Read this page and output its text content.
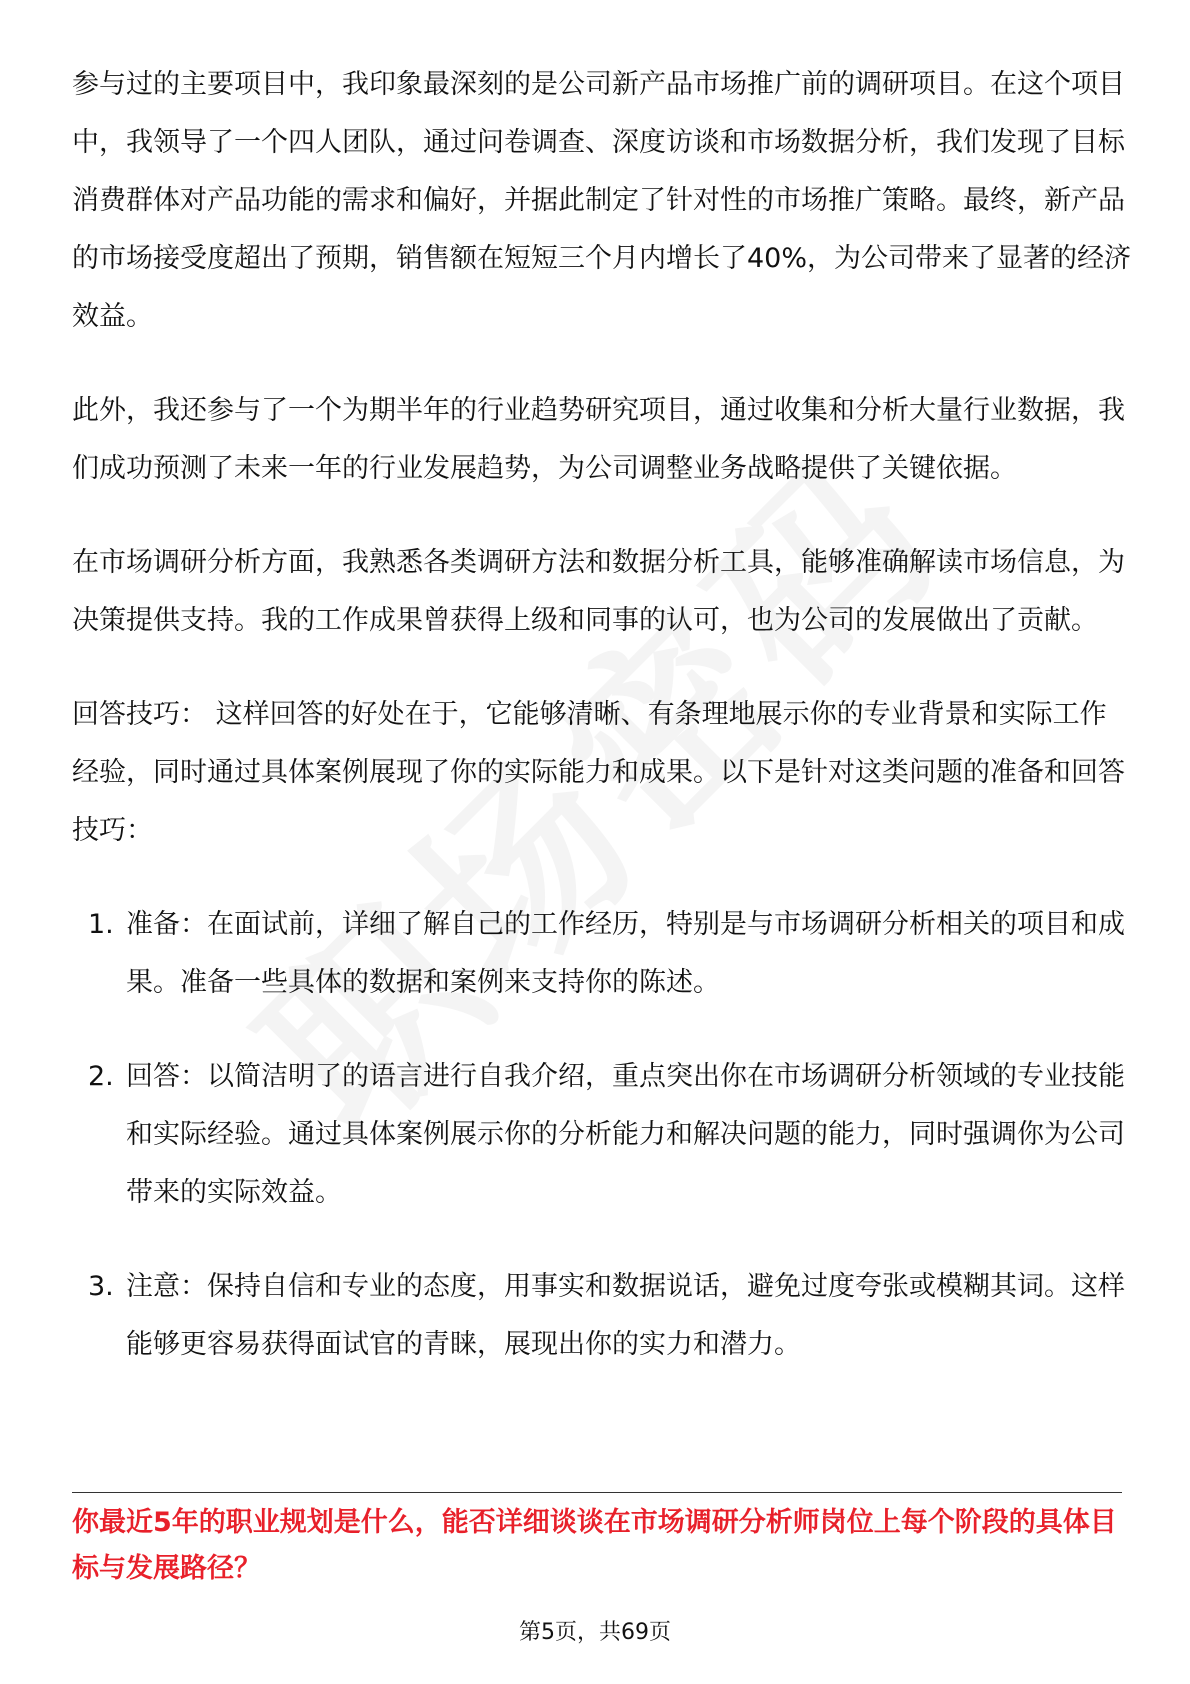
参与过的主要项目中，我印象最深刻的是公司新产品市场推广前的调研项目。在这个项目中，我领导了一个四人团队，通过问卷调查、深度访谈和市场数据分析，我们发现了目标消费群体对产品功能的需求和偏好，并据此制定了针对性的市场推广策略。最终，新产品的市场接受度超出了预期，销售额在短短三个月内增长了40%，为公司带来了显著的经济效益。

此外，我还参与了一个为期半年的行业趋势研究项目，通过收集和分析大量行业数据，我们成功预测了未来一年的行业发展趋势，为公司调整业务战略提供了关键依据。

在市场调研分析方面，我熟悉各类调研方法和数据分析工具，能够准确解读市场信息，为决策提供支持。我的工作成果曾获得上级和同事的认可，也为公司的发展做出了贡献。

回答技巧： 这样回答的好处在于，它能够清晰、有条理地展示你的专业背景和实际工作经验，同时通过具体案例展现了你的实际能力和成果。以下是针对这类问题的准备和回答技巧：

1. 准备：在面试前，详细了解自己的工作经历，特别是与市场调研分析相关的项目和成果。准备一些具体的数据和案例来支持你的陈述。
2. 回答：以简洁明了的语言进行自我介绍，重点突出你在市场调研分析领域的专业技能和实际经验。通过具体案例展示你的分析能力和解决问题的能力，同时强调你为公司带来的实际效益。
3. 注意：保持自信和专业的态度，用事实和数据说话，避免过度夸张或模糊其词。这样能够更容易获得面试官的青睐，展现出你的实力和潜力。
你最近5年的职业规划是什么，能否详细谈谈在市场调研分析师岗位上每个阶段的具体目标与发展路径？
第5页，共69页
